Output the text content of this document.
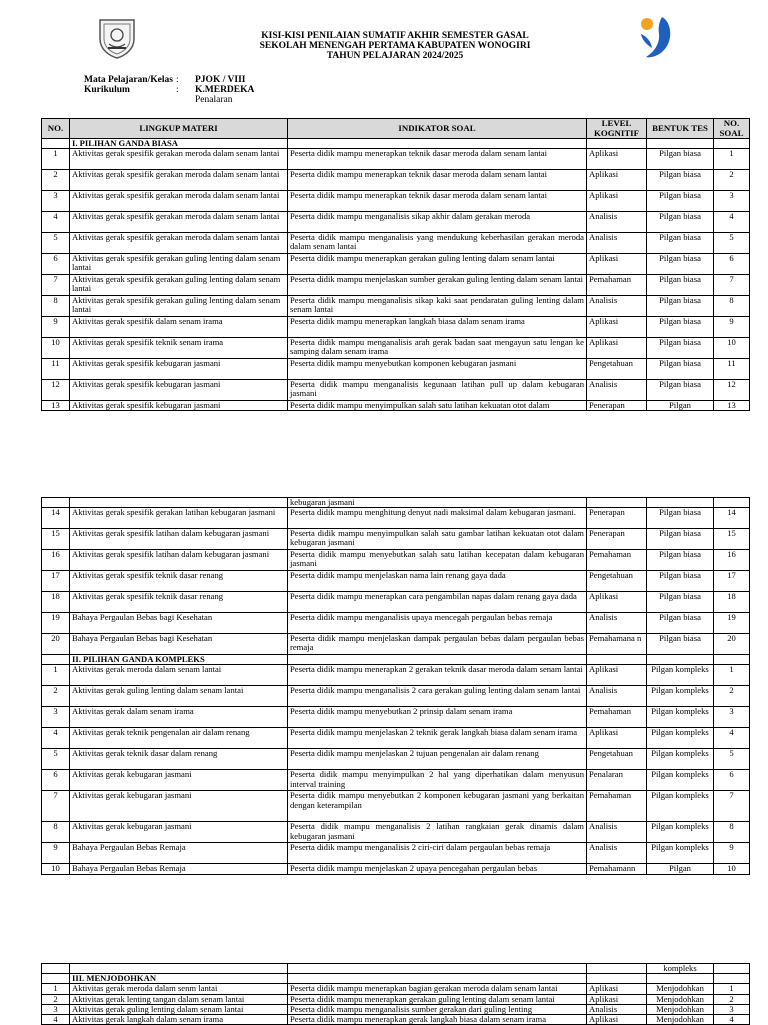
KISI-KISI PENILAIAN SUMATIF AKHIR SEMESTER GASAL
SEKOLAH MENENGAH PERTAMA KABUPATEN WONOGIRI
TAHUN PELAJARAN 2024/2025
Mata Pelajaran/Kelas :	PJOK / VIII
Kurikulum	:	K.MERDEKA
Penalaran
NO.	LINGKUP MATERI	INDIKATOR SOAL	LEVEL KOGNITIF	BENTUK TES	NO. SOAL
	I. PILIHAN GANDA BIASA				
1	Aktivitas gerak spesifik gerakan meroda dalam senam lantai	Peserta didik mampu menerapkan teknik dasar meroda dalam senam lantai	Aplikasi	Pilgan biasa	1
2	Aktivitas gerak spesifik gerakan meroda dalam senam lantai	Peserta didik mampu menerapkan teknik dasar meroda dalam senam lantai	Aplikasi	Pilgan biasa	2
3	Aktivitas gerak spesifik gerakan meroda dalam senam lantai	Peserta didik mampu menerapkan teknik dasar meroda dalam senam lantai	Aplikasi	Pilgan biasa	3
4	Aktivitas gerak spesifik gerakan meroda dalam senam lantai	Peserta didik mampu menganalisis sikap akhir dalam gerakan meroda	Analisis	Pilgan biasa	4
5	Aktivitas gerak spesifik gerakan meroda dalam senam lantai	Peserta didik mampu menganalisis yang mendukung keberhasilan gerakan meroda dalam senam lantai	Analisis	Pilgan biasa	5
6	Aktivitas gerak spesifik gerakan guling lenting dalam senam lantai	Peserta didik mampu menerapkan gerakan guling lenting dalam senam lantai	Aplikasi	Pilgan biasa	6
7	Aktivitas gerak spesifik gerakan guling lenting dalam senam lantai	Peserta didik mampu menjelaskan sumber gerakan guling lenting dalam senam lantai	Pemahaman	Pilgan biasa	7
8	Aktivitas gerak spesifik gerakan guling lenting dalam senam lantai	Peserta didik mampu menganalisis sikap kaki saat pendaratan guling lenting dalam senam lantai	Analisis	Pilgan biasa	8
9	Aktivitas gerak spesifik dalam senam irama	Peserta didik mampu menerapkan langkah biasa dalam senam irama	Aplikasi	Pilgan biasa	9
10	Aktivitas gerak spesifik teknik senam irama	Peserta didik mampu menganalisis arah gerak badan saat mengayun satu lengan ke samping dalam senam irama	Aplikasi	Pilgan biasa	10
11	Aktivitas gerak spesifik kebugaran jasmani	Peserta didik mampu menyebutkan komponen kebugaran jasmani	Pengetahuan	Pilgan biasa	11
12	Aktivitas gerak spesifik kebugaran jasmani	Peserta didik mampu menganalisis kegunaan latihan pull up dalam kebugaran jasmani	Analisis	Pilgan biasa	12
13	Aktivitas gerak spesifik kebugaran jasmani	Peserta didik mampu menyimpulkan salah satu latihan kekuatan otot dalam	Penerapan	Pilgan	13
		kebugaran jasmani			
14	Aktivitas gerak spesifik gerakan latihan kebugaran jasmani	Peserta didik mampu menghitung denyut nadi maksimal dalam kebugaran jasmani.	Penerapan	Pilgan biasa	14
15	Aktivitas gerak spesifik latihan dalam kebugaran jasmani	Peserta didik mampu menyimpulkan salah satu gambar latihan kekuatan otot dalam kebugaran jasmani	Penerapan	Pilgan biasa	15
16	Aktivitas gerak spesifik latihan dalam kebugaran jasmani	Peserta didik mampu menyebutkan salah satu latihan kecepatan dalam kebugaran jasmani	Pemahaman	Pilgan biasa	16
17	Aktivitas gerak spesifik teknik dasar renang	Peserta didik mampu menjelaskan nama lain renang gaya dada	Pengetahuan	Pilgan biasa	17
18	Aktivitas gerak spesifik teknik dasar renang	Peserta didik mampu menerapkan cara pengambilan napas dalam renang gaya dada	Aplikasi	Pilgan biasa	18
19	Bahaya Pergaulan Bebas bagi Kesehatan	Peserta didik mampu menganalisis upaya mencegah pergaulan bebas remaja	Analisis	Pilgan biasa	19
20	Bahaya Pergaulan Bebas bagi Kesehatan	Peserta didik mampu menjelaskan dampak pergaulan bebas dalam pergaulan bebas remaja	Pemahamana n	Pilgan biasa	20
	II. PILIHAN GANDA KOMPLEKS				
1	Aktivitas gerak meroda dalam senam lantai	Peserta didik mampu menerapkan 2 gerakan teknik dasar meroda dalam senam lantai	Aplikasi	Pilgan kompleks	1
2	Aktivitas gerak guling lenting dalam senam lantai	Peserta didik mampu menganalisis 2 cara gerakan guling lenting dalam senam lantai	Analisis	Pilgan kompleks	2
3	Aktivitas gerak dalam senam irama	Peserta didik mampu menyebutkan 2 prinsip dalam senam irama	Pemahaman	Pilgan kompleks	3
4	Aktivitas gerak teknik pengenalan air dalam renang	Peserta didik mampu menjelaskan 2 teknik gerak langkah biasa dalam senam irama	Aplikasi	Pilgan kompleks	4
5	Aktivitas gerak teknik dasar dalam renang	Peserta didik mampu menjelaskan 2 tujuan pengenalan air dalam renang	Pengetahuan	Pilgan kompleks	5
6	Aktivitas gerak kebugaran jasmani	Peserta didik mampu menyimpulkan 2 hal yang diperhatikan dalam menyusun interval training	Penalaran	Pilgan kompleks	6
7	Aktivitas gerak kebugaran jasmani	Peserta didik mampu menyebutkan 2 komponen kebugaran jasmani yang berkaitan dengan keterampilan	Pemahaman	Pilgan kompleks	7
8	Aktivitas gerak kebugaran jasmani	Peserta didik mampu menganalisis 2 latihan rangkaian gerak dinamis dalam kebugaran jasmani	Analisis	Pilgan kompleks	8
9	Bahaya Pergaulan Bebas Remaja	Peserta didik mampu menganalisis 2 ciri-ciri dalam pergaulan bebas remaja	Analisis	Pilgan kompleks	9
10	Bahaya Pergaulan Bebas Remaja	Peserta didik mampu menjelaskan 2 upaya pencegahan pergaulan bebas	Pemahamann	Pilgan	10
				kompleks	
	III. MENJODOHKAN				
1	Aktivitas gerak meroda dalam senm lantai	Peserta didik mampu menerapkan bagian gerakan meroda dalam senam lantai	Aplikasi	Menjodohkan	1
2	Aktivitas gerak lenting tangan dalam senam lantai	Peserta didik mampu menerapkan gerakan guling lenting dalam senam lantai	Aplikasi	Menjodohkan	2
3	Aktivitas gerak guling lenting dalam senam lantai	Peserta didik mampu menganalisis sumber gerakan dari guling lenting	Analisis	Menjodohkan	3
4	Aktivitas gerak langkah dalam senam irama	Peserta didik mampu menerapkan gerak langkah biasa dalam senam irama	Aplikasi	Menjodohkan	4
